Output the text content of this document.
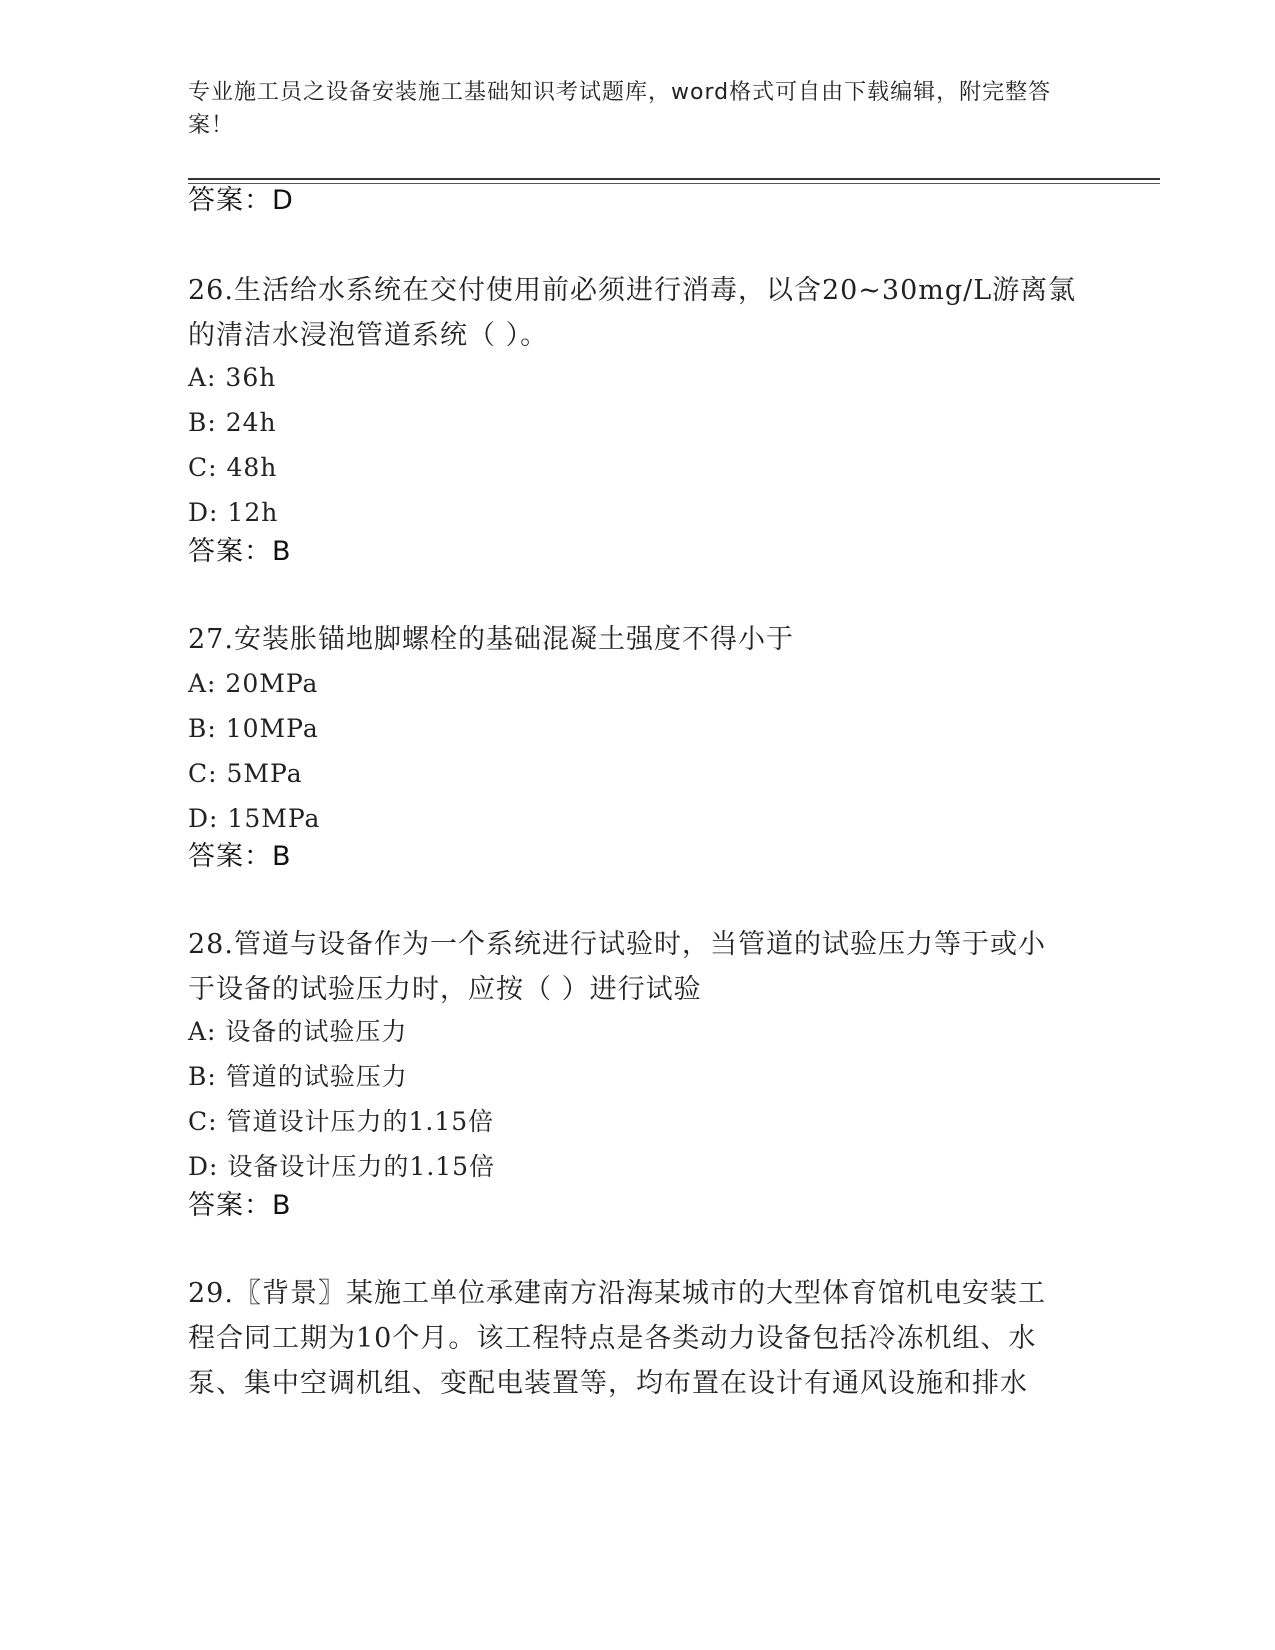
专业施工员之设备安装施工基础知识考试题库，word格式可自由下载编辑，附完整答案！
答案：D
26.生活给水系统在交付使用前必须进行消毒，以含20~30mg/L游离氯
的清洁水浸泡管道系统（ ）。
A: 36h
B: 24h
C: 48h
D: 12h
答案：B
27.安装胀锚地脚螺栓的基础混凝土强度不得小于
A: 20MPa
B: 10MPa
C: 5MPa
D: 15MPa
答案：B
28.管道与设备作为一个系统进行试验时，当管道的试验压力等于或小
于设备的试验压力时，应按（ ）进行试验
A: 设备的试验压力
B: 管道的试验压力
C: 管道设计压力的1.15倍
D: 设备设计压力的1.15倍
答案：B
29.〖背景〗某施工单位承建南方沿海某城市的大型体育馆机电安装工
程合同工期为10个月。该工程特点是各类动力设备包括冷冻机组、水
泵、集中空调机组、变配电装置等，均布置在设计有通风设施和排水
